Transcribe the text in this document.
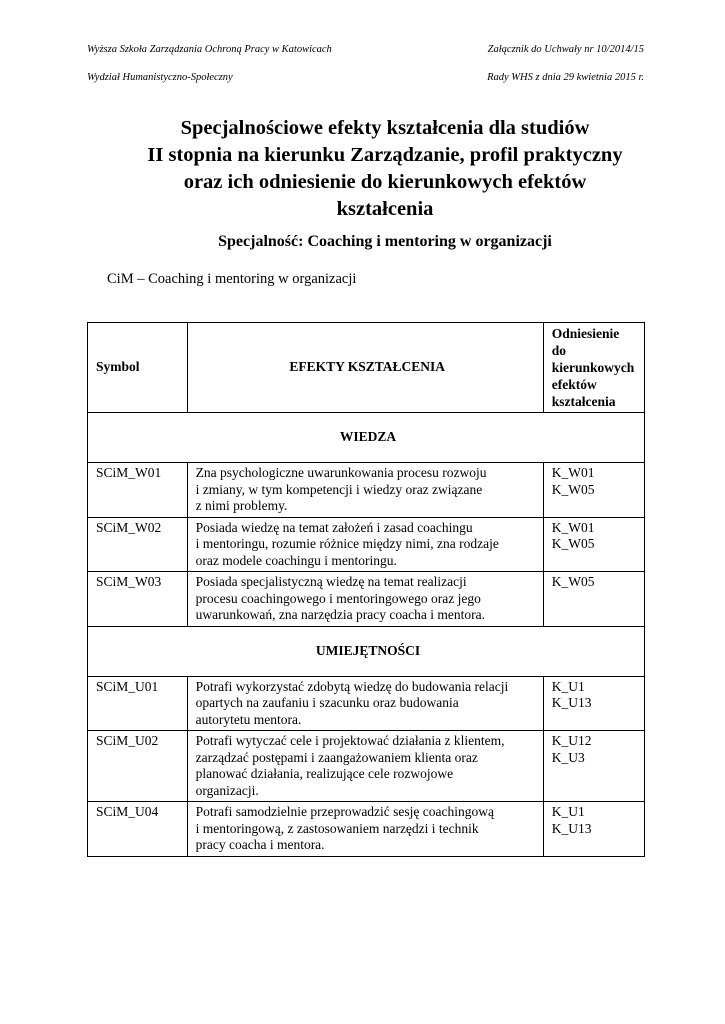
Wyższa Szkoła Zarządzania Ochroną Pracy w Katowicach	Załącznik do Uchwały nr 10/2014/15
Wydział Humanistyczno-Społeczny	Rady WHS z dnia 29 kwietnia 2015 r.
Specjalnościowe efekty kształcenia dla studiów
II stopnia na kierunku Zarządzanie, profil praktyczny
oraz ich odniesienie do kierunkowych efektów
kształcenia
Specjalność: Coaching i mentoring w organizacji
CiM – Coaching i mentoring w organizacji
Symbol	EFEKTY KSZTAŁCENIA	Odniesienie
do
kierunkowych
efektów
kształcenia

WIEDZA		
SCiM_W01	Zna psychologiczne uwarunkowania procesu rozwoju
i zmiany, w tym kompetencji i wiedzy oraz związane
z nimi problemy.	K_W01
K_W05

SCiM_W02	Posiada wiedzę na temat założeń i zasad coachingu
i mentoringu, rozumie różnice między nimi, zna rodzaje
oraz modele coachingu i mentoringu.	K_W01
K_W05

SCiM_W03	Posiada specjalistyczną wiedzę na temat realizacji
procesu coachingowego i mentoringowego oraz jego
uwarunkowań, zna narzędzia pracy coacha i mentora.	K_W05

UMIEJĘTNOŚCI		
SCiM_U01	Potrafi wykorzystać zdobytą wiedzę do budowania relacji
opartych na zaufaniu i szacunku oraz budowania
autorytetu mentora.	K_U1
K_U13

SCiM_U02	Potrafi wytyczać cele i projektować działania z klientem,
zarządzać postępami i zaangażowaniem klienta oraz
planować działania, realizujące cele rozwojowe
organizacji.	K_U12
K_U3

SCiM_U04	Potrafi samodzielnie przeprowadzić sesję coachingową
i mentoringową, z zastosowaniem narzędzi i technik
pracy coacha i mentora.	K_U1
K_U13
